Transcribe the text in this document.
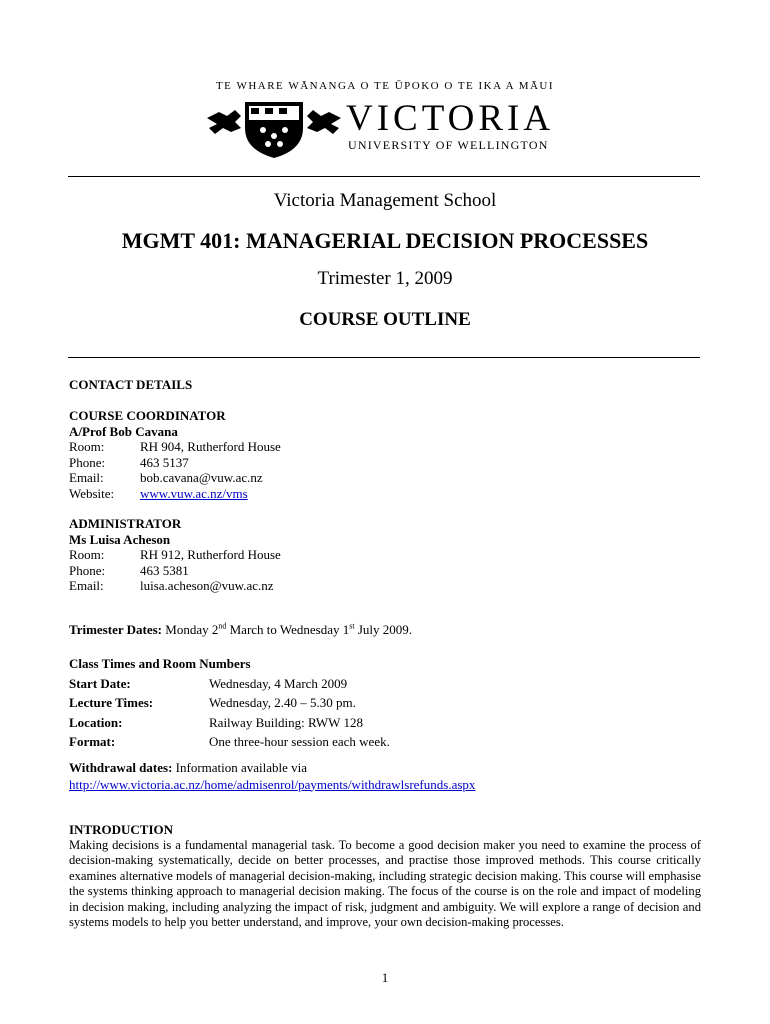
TE WHARE WĀNANGA O TE ŪPOKO O TE IKA A MĀUI
VICTORIA
UNIVERSITY OF WELLINGTON
Victoria Management School
MGMT 401: MANAGERIAL DECISION PROCESSES
Trimester 1, 2009
COURSE OUTLINE
CONTACT DETAILS
COURSE COORDINATOR
A/Prof Bob Cavana
Room:	RH 904, Rutherford House
Phone:	463 5137
Email:	bob.cavana@vuw.ac.nz
Website:	www.vuw.ac.nz/vms
ADMINISTRATOR
Ms Luisa Acheson
Room:	RH 912, Rutherford House
Phone:	463 5381
Email:	luisa.acheson@vuw.ac.nz
Trimester Dates: Monday 2nd March to Wednesday 1st July 2009.
Class Times and Room Numbers
Start Date:	Wednesday, 4 March 2009
Lecture Times:	Wednesday, 2.40 – 5.30 pm.
Location:	Railway Building: RWW 128
Format:	One three-hour session each week.
Withdrawal dates: Information available via
http://www.victoria.ac.nz/home/admisenrol/payments/withdrawlsrefunds.aspx
INTRODUCTION
Making decisions is a fundamental managerial task. To become a good decision maker you need to examine the process of decision-making systematically, decide on better processes, and practise those improved methods. This course critically examines alternative models of managerial decision-making, including strategic decision making. This course will emphasise the systems thinking approach to managerial decision making. The focus of the course is on the role and impact of modeling in decision making, including analyzing the impact of risk, judgment and ambiguity. We will explore a range of decision and systems models to help you better understand, and improve, your own decision-making processes.
1
